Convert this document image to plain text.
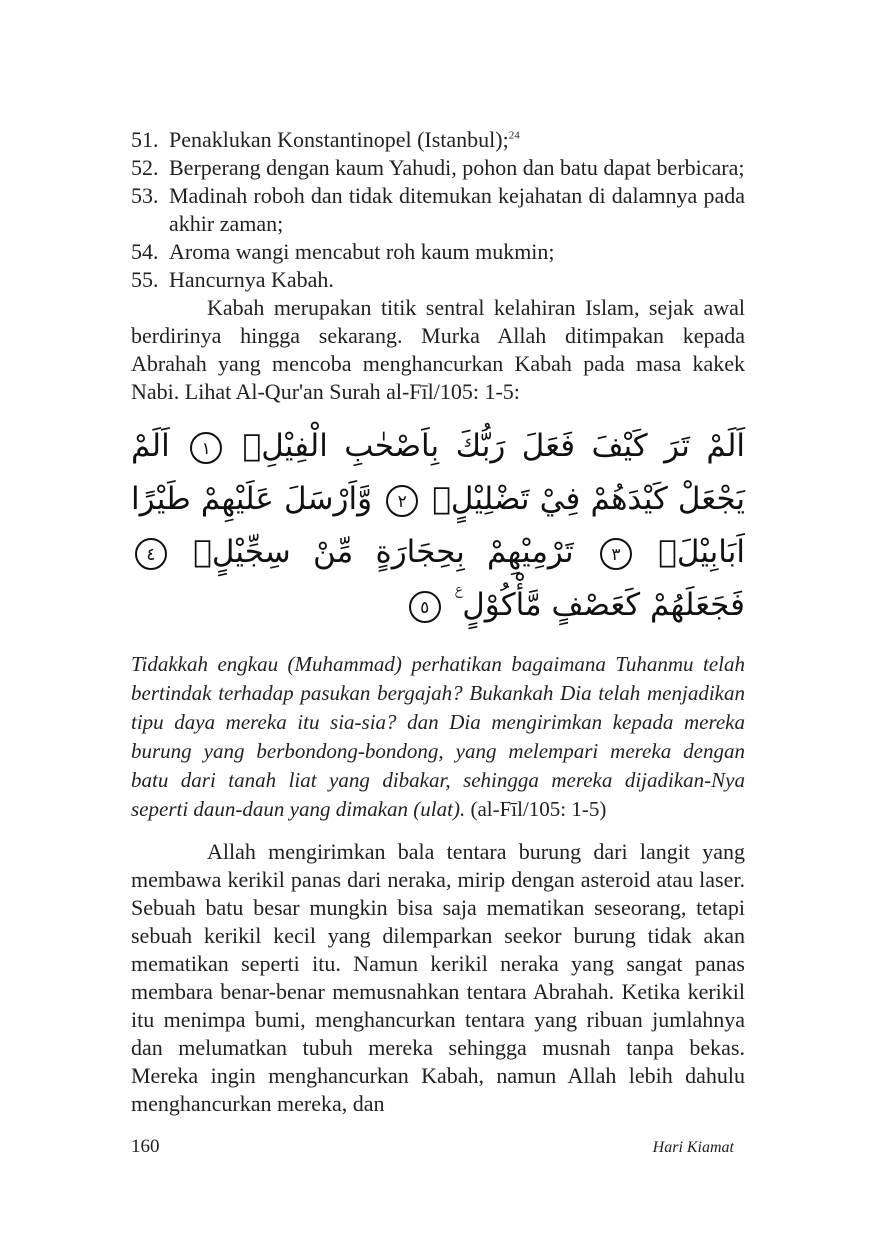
51. Penaklukan Konstantinopel (Istanbul);$^{24}$
52. Berperang dengan kaum Yahudi, pohon dan batu dapat berbicara;
53. Madinah roboh dan tidak ditemukan kejahatan di dalamnya pada akhir zaman;
54. Aroma wangi mencabut roh kaum mukmin;
55. Hancurnya Kabah.

Kabah merupakan titik sentral kelahiran Islam, sejak awal berdirinya hingga sekarang. Murka Allah ditimpakan kepada Abrahah yang mencoba menghancurkan Kabah pada masa kakek Nabi. Lihat Al-Qur'an Surah al-Fīl/105: 1-5:

اَلَمْ تَرَ كَيْفَ فَعَلَ رَبُّكَ بِاَصْحٰبِ الْفِيْلِۗ ١ اَلَمْ يَجْعَلْ كَيْدَهُمْ فِيْ تَضْلِيْلٍۙ ٢ وَّاَرْسَلَ عَلَيْهِمْ طَيْرًا اَبَابِيْلَۙ ٣ تَرْمِيْهِمْ بِحِجَارَةٍ مِّنْ سِجِّيْلٍۙ ٤ فَجَعَلَهُمْ كَعَصْفٍ مَّأْكُوْلٍ ࣖ ٥

Tidakkah engkau (Muhammad) perhatikan bagaimana Tuhanmu telah bertindak terhadap pasukan bergajah? Bukankah Dia telah menjadikan tipu daya mereka itu sia-sia? dan Dia mengirimkan kepada mereka burung yang berbondong-bondong, yang melempari mereka dengan batu dari tanah liat yang dibakar, sehingga mereka dijadikan-Nya seperti daun-daun yang dimakan (ulat). (al-Fīl/105: 1-5)

Allah mengirimkan bala tentara burung dari langit yang membawa kerikil panas dari neraka, mirip dengan asteroid atau laser. Sebuah batu besar mungkin bisa saja mematikan seseorang, tetapi sebuah kerikil kecil yang dilemparkan seekor burung tidak akan mematikan seperti itu. Namun kerikil neraka yang sangat panas membara benar-benar memusnahkan tentara Abrahah. Ketika kerikil itu menimpa bumi, menghancurkan tentara yang ribuan jumlahnya dan melumatkan tubuh mereka sehingga musnah tanpa bekas. Mereka ingin menghancurkan Kabah, namun Allah lebih dahulu menghancurkan mereka, dan

160	Hari Kiamat
